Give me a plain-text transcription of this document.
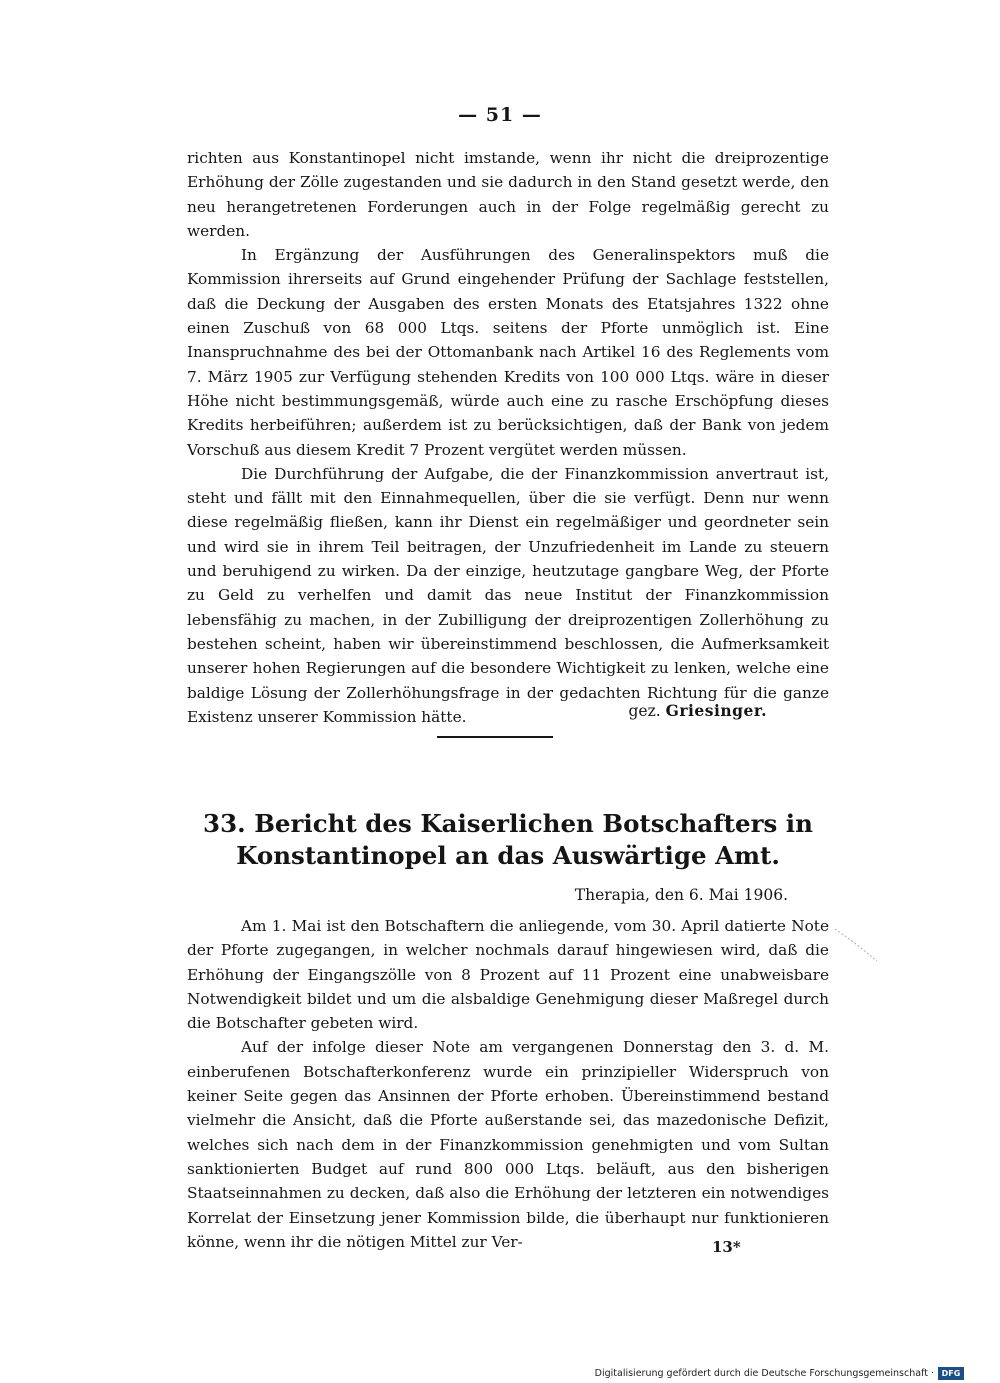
— 51 —

richten aus Konstantinopel nicht imstande, wenn ihr nicht die dreiprozentige Erhöhung der Zölle zugestanden und sie dadurch in den Stand gesetzt werde, den neu herangetretenen Forderungen auch in der Folge regelmäßig gerecht zu werden.

In Ergänzung der Ausführungen des Generalinspektors muß die Kommission ihrerseits auf Grund eingehender Prüfung der Sachlage feststellen, daß die Deckung der Ausgaben des ersten Monats des Etatsjahres 1322 ohne einen Zuschuß von 68 000 Ltqs. seitens der Pforte unmöglich ist. Eine Inanspruchnahme des bei der Ottomanbank nach Artikel 16 des Reglements vom 7. März 1905 zur Verfügung stehenden Kredits von 100 000 Ltqs. wäre in dieser Höhe nicht bestimmungsgemäß, würde auch eine zu rasche Erschöpfung dieses Kredits herbeiführen; außerdem ist zu berücksichtigen, daß der Bank von jedem Vorschuß aus diesem Kredit 7 Prozent vergütet werden müssen.

Die Durchführung der Aufgabe, die der Finanzkommission anvertraut ist, steht und fällt mit den Einnahmequellen, über die sie verfügt. Denn nur wenn diese regelmäßig fließen, kann ihr Dienst ein regelmäßiger und geordneter sein und wird sie in ihrem Teil beitragen, der Unzufriedenheit im Lande zu steuern und beruhigend zu wirken. Da der einzige, heutzutage gangbare Weg, der Pforte zu Geld zu verhelfen und damit das neue Institut der Finanzkommission lebensfähig zu machen, in der Zubilligung der dreiprozentigen Zollerhöhung zu bestehen scheint, haben wir übereinstimmend beschlossen, die Aufmerksamkeit unserer hohen Regierungen auf die besondere Wichtigkeit zu lenken, welche eine baldige Lösung der Zollerhöhungsfrage in der gedachten Richtung für die ganze Existenz unserer Kommission hätte.	gez. Griesinger.
33. Bericht des Kaiserlichen Botschafters in
Konstantinopel an das Auswärtige Amt.
Therapia, den 6. Mai 1906.

Am 1. Mai ist den Botschaftern die anliegende, vom 30. April datierte Note der Pforte zugegangen, in welcher nochmals darauf hingewiesen wird, daß die Erhöhung der Eingangszölle von 8 Prozent auf 11 Prozent eine unabweisbare Notwendigkeit bildet und um die alsbaldige Genehmigung dieser Maßregel durch die Botschafter gebeten wird.

Auf der infolge dieser Note am vergangenen Donnerstag den 3. d. M. einberufenen Botschafterkonferenz wurde ein prinzipieller Widerspruch von keiner Seite gegen das Ansinnen der Pforte erhoben. Übereinstimmend bestand vielmehr die Ansicht, daß die Pforte außerstande sei, das mazedonische Defizit, welches sich nach dem in der Finanzkommission genehmigten und vom Sultan sanktionierten Budget auf rund 800 000 Ltqs. beläuft, aus den bisherigen Staatseinnahmen zu decken, daß also die Erhöhung der letzteren ein notwendiges Korrelat der Einsetzung jener Kommission bilde, die überhaupt nur funktionieren könne, wenn ihr die nötigen Mittel zur Ver-	13*
Digitalisierung gefördert durch die Deutsche Forschungsgemeinschaft · DFG
